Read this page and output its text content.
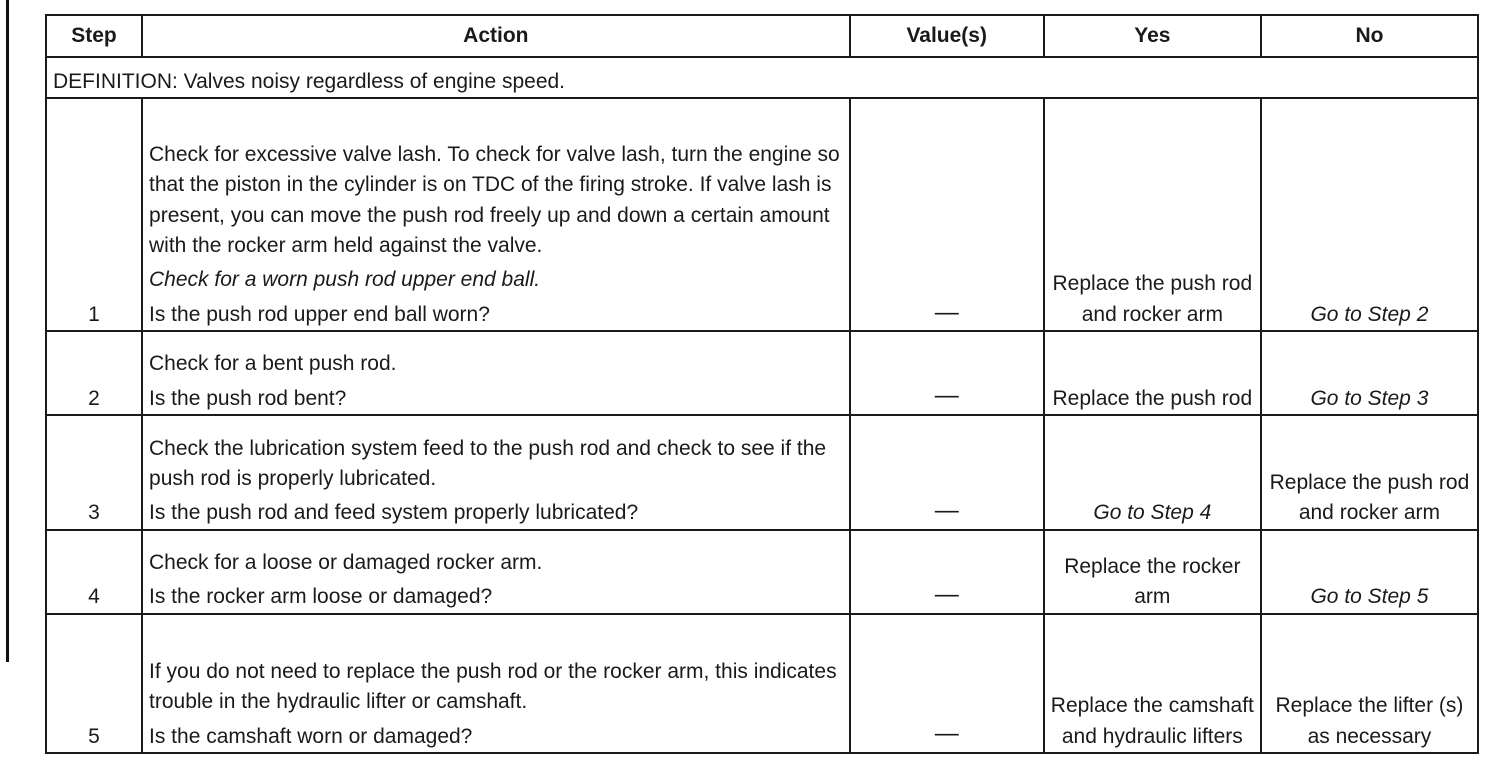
Step	Action	Value(s)	Yes	No
DEFINITION: Valves noisy regardless of engine speed.				
1	Check for excessive valve lash. To check for valve lash, turn the engine so that the piston in the cylinder is on TDC of the firing stroke. If valve lash is present, you can move the push rod freely up and down a certain amount with the rocker arm held against the valve.

Check for a worn push rod upper end ball.

Is the push rod upper end ball worn?	—	Replace the push rod and rocker arm	Go to Step 2
2	Check for a bent push rod.

Is the push rod bent?	—	Replace the push rod	Go to Step 3
3	Check the lubrication system feed to the push rod and check to see if the push rod is properly lubricated.

Is the push rod and feed system properly lubricated?	—	Go to Step 4	Replace the push rod and rocker arm
4	Check for a loose or damaged rocker arm.

Is the rocker arm loose or damaged?	—	Replace the rocker arm	Go to Step 5
5	If you do not need to replace the push rod or the rocker arm, this indicates trouble in the hydraulic lifter or camshaft.

Is the camshaft worn or damaged?	—	Replace the camshaft and hydraulic lifters	Replace the lifter (s) as necessary
